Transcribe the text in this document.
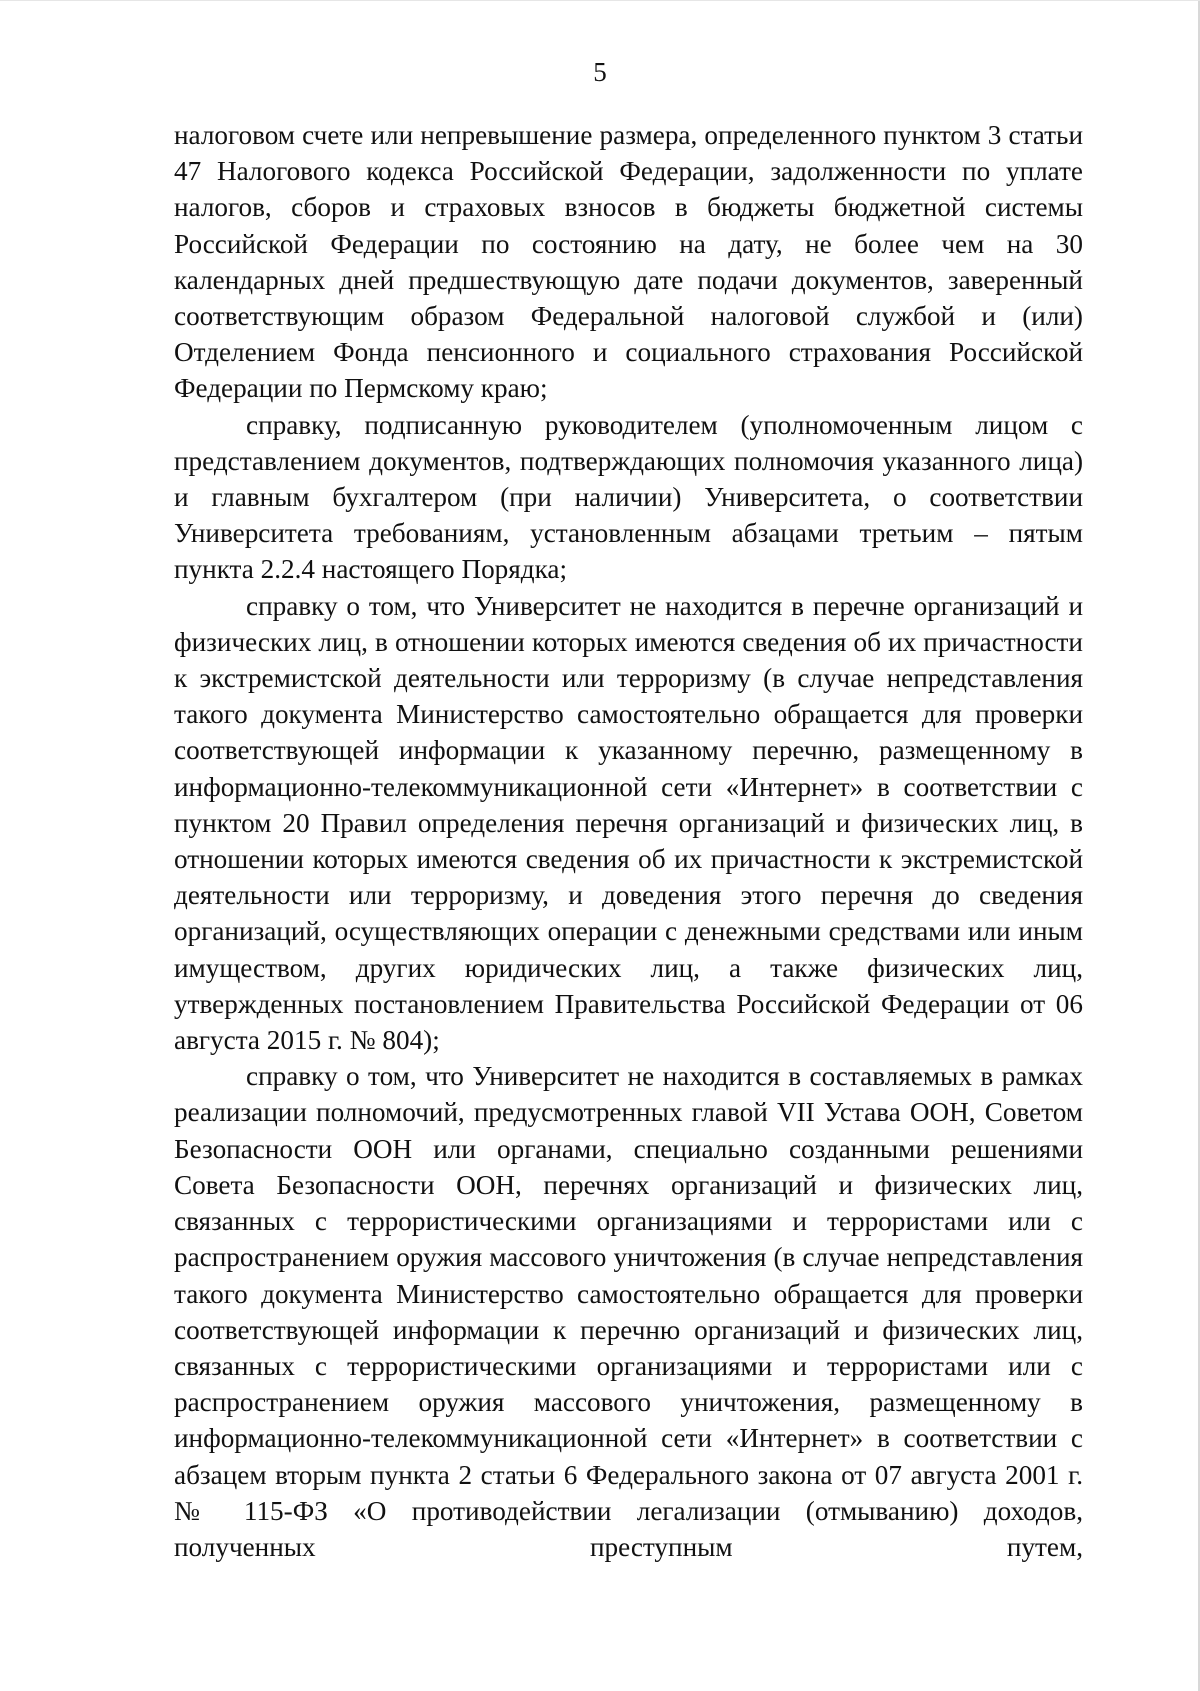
5

налоговом счете или непревышение размера, определенного пунктом 3 статьи 47 Налогового кодекса Российской Федерации, задолженности по уплате налогов, сборов и страховых взносов в бюджеты бюджетной системы Российской Федерации по состоянию на дату, не более чем на 30 календарных дней предшествующую дате подачи документов, заверенный соответствующим образом Федеральной налоговой службой и (или) Отделением Фонда пенсионного и социального страхования Российской Федерации по Пермскому краю;

справку, подписанную руководителем (уполномоченным лицом с представлением документов, подтверждающих полномочия указанного лица) и главным бухгалтером (при наличии) Университета, о соответствии Университета требованиям, установленным абзацами третьим – пятым пункта 2.2.4 настоящего Порядка;

справку о том, что Университет не находится в перечне организаций и физических лиц, в отношении которых имеются сведения об их причастности к экстремистской деятельности или терроризму (в случае непредставления такого документа Министерство самостоятельно обращается для проверки соответствующей информации к указанному перечню, размещенному в информационно-телекоммуникационной сети «Интернет» в соответствии с пунктом 20 Правил определения перечня организаций и физических лиц, в отношении которых имеются сведения об их причастности к экстремистской деятельности или терроризму, и доведения этого перечня до сведения организаций, осуществляющих операции с денежными средствами или иным имуществом, других юридических лиц, а также физических лиц, утвержденных постановлением Правительства Российской Федерации от 06 августа 2015 г. № 804);

справку о том, что Университет не находится в составляемых в рамках реализации полномочий, предусмотренных главой VII Устава ООН, Советом Безопасности ООН или органами, специально созданными решениями Совета Безопасности ООН, перечнях организаций и физических лиц, связанных с террористическими организациями и террористами или с распространением оружия массового уничтожения (в случае непредставления такого документа Министерство самостоятельно обращается для проверки соответствующей информации к перечню организаций и физических лиц, связанных с террористическими организациями и террористами или с распространением оружия массового уничтожения, размещенному в информационно-телекоммуникационной сети «Интернет» в соответствии с абзацем вторым пункта 2 статьи 6 Федерального закона от 07 августа 2001 г. № 115-ФЗ «О противодействии легализации (отмыванию) доходов, полученных преступным путем,
